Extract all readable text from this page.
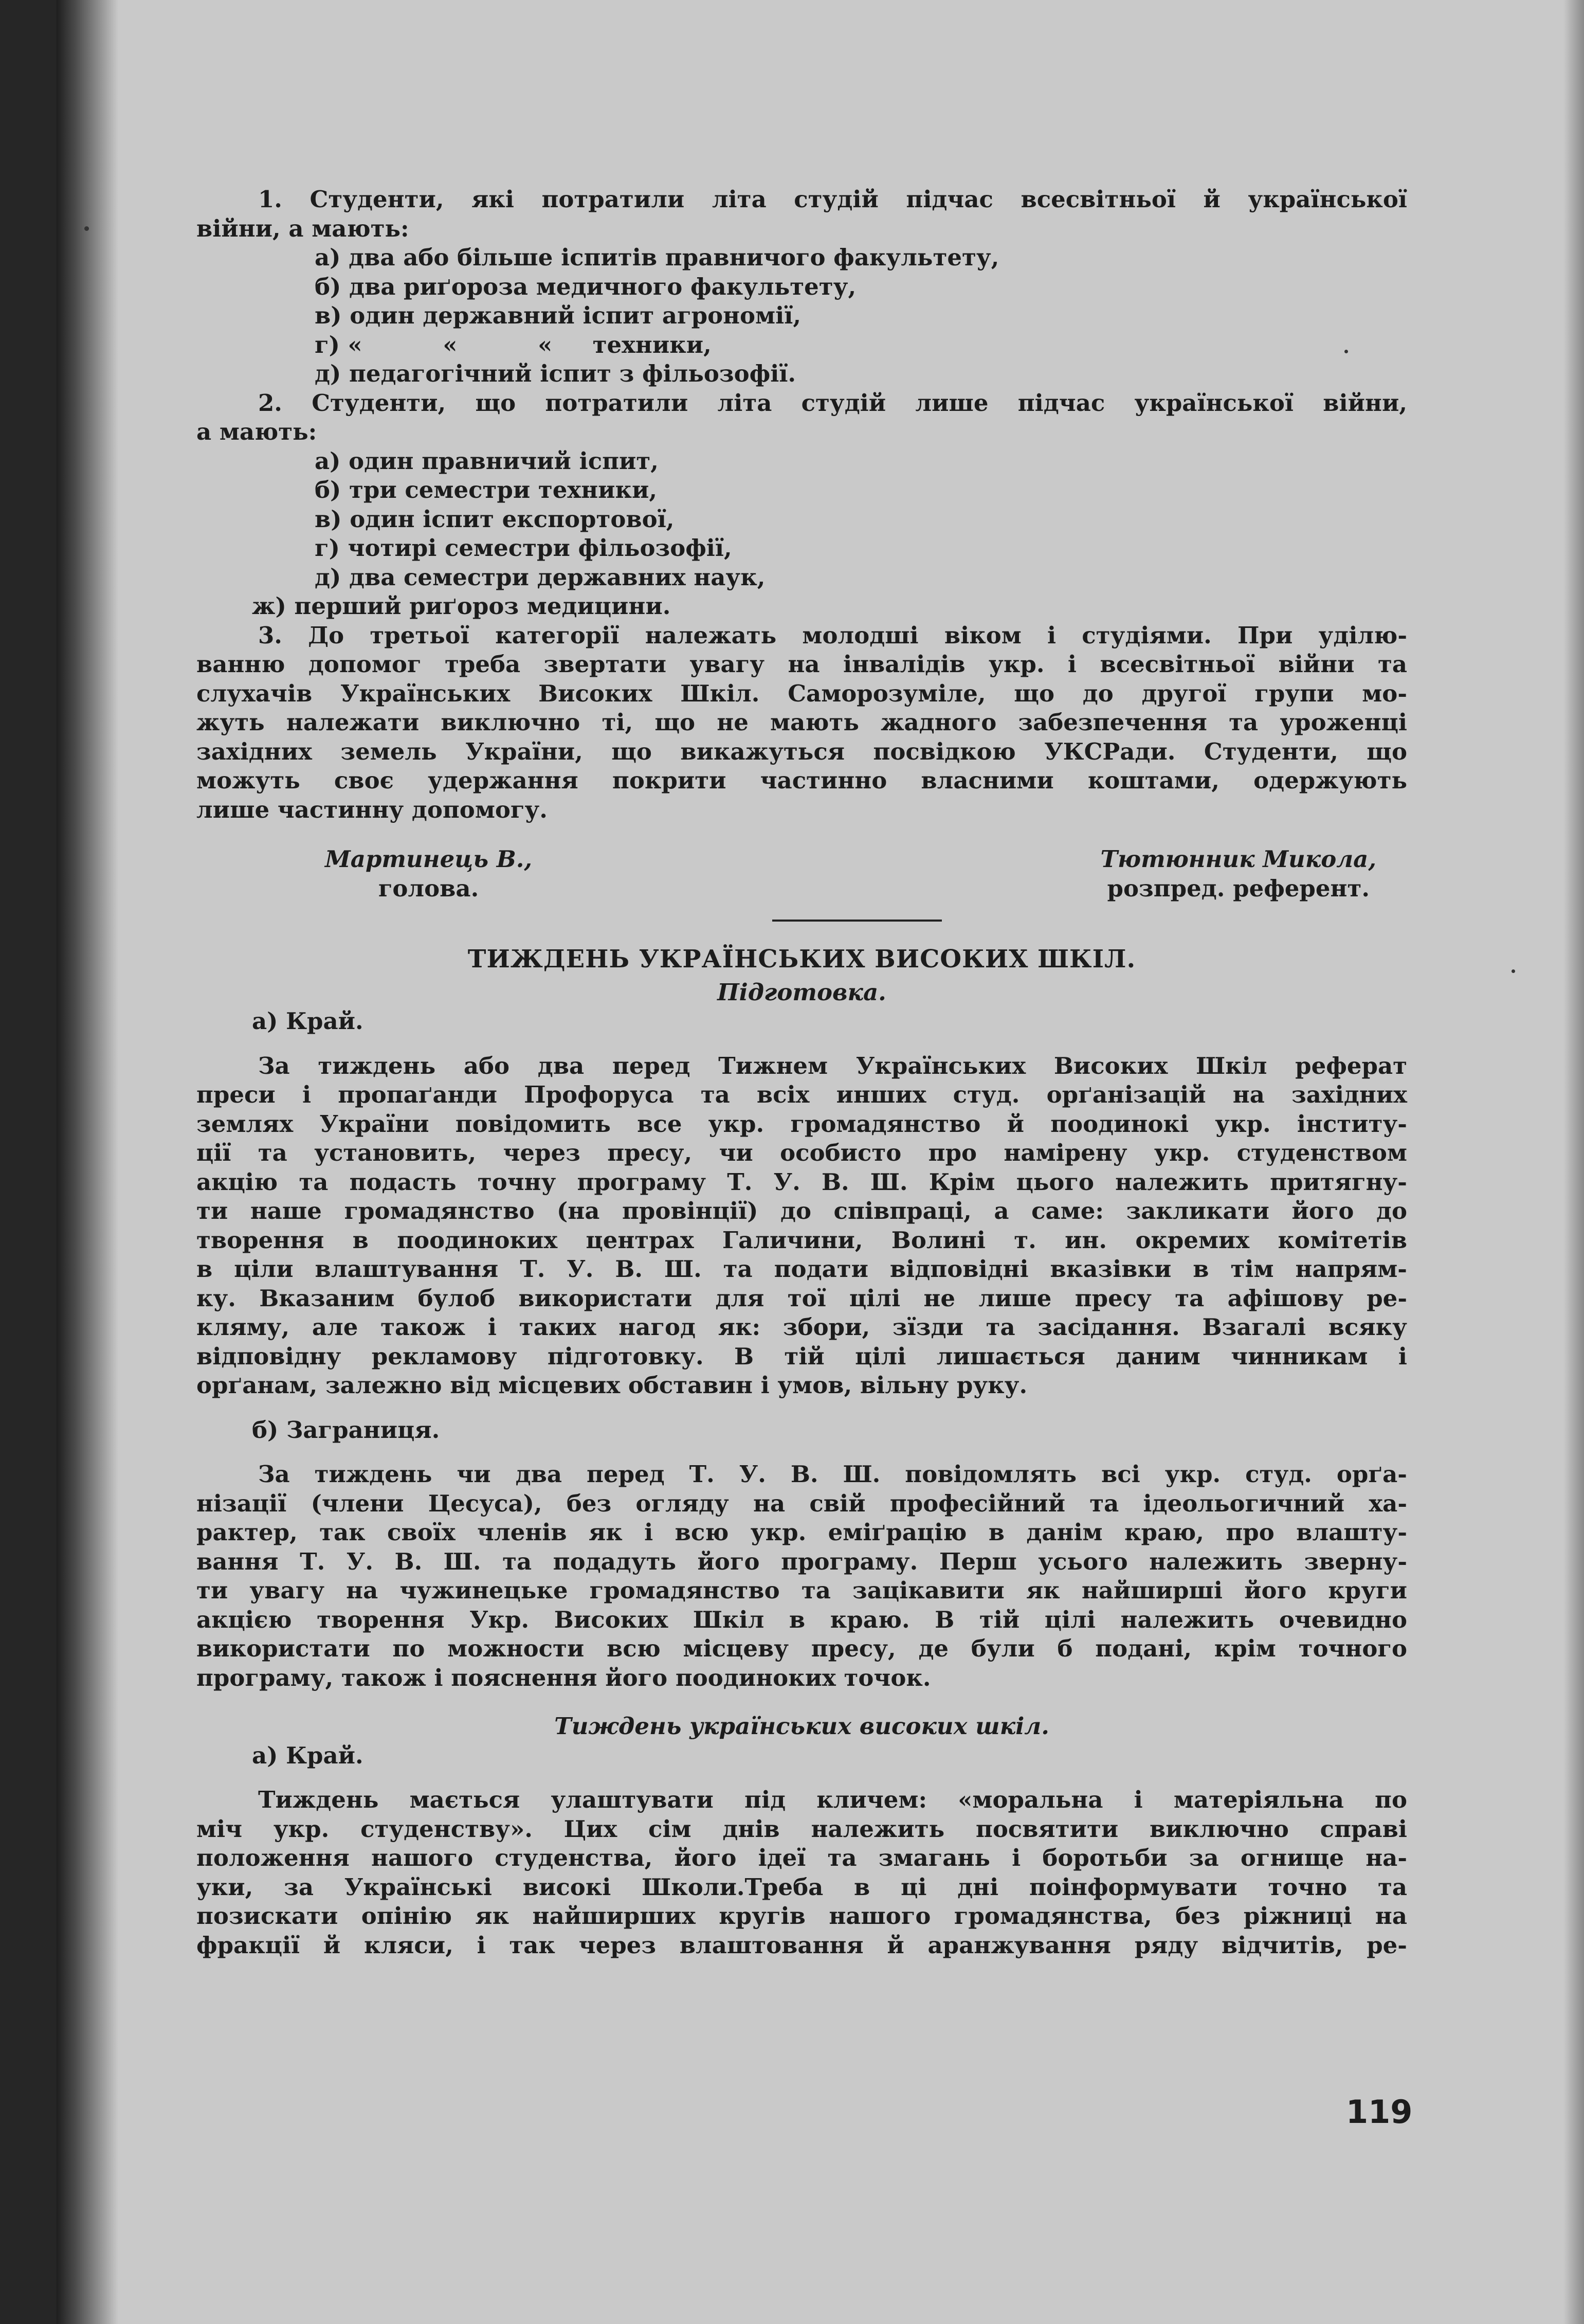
1. Студенти, які потратили літа студій підчас всесвітньої й української

війни, а мають:

а) два або більше іспитів правничого факультету,

б) два риґороза медичного факультету,

в) один державний іспит агрономії,

г) «          «          «     техники,

д) педагогічний іспит з фільозофії.

2. Студенти, що потратили літа студій лише підчас української війни,

а мають:

а) один правничий іспит,

б) три семестри техники,

в) один іспит експортової,

г) чотирі семестри фільозофії,

д) два семестри державних наук,

ж) перший риґороз медицини.

3. До третьої категорії належать молодші віком і студіями. При уділю-

ванню допомог треба звертати увагу на інвалідів укр. і всесвітньої війни та

слухачів Українських Високих Шкіл. Саморозуміле, що до другої групи мо-

жуть належати виключно ті, що не мають жадного забезпечення та уроженці

західних земель України, що викажуться посвідкою УКСРади. Студенти, що

можуть своє удержання покрити частинно власними коштами, одержують

лише частинну допомогу.

Мартинець В.,
голова.
Тютюнник Микола,
розпред. референт.
ТИЖДЕНЬ УКРАЇНСЬКИХ ВИСОКИХ ШКІЛ.
Підготовка.

а) Край.

За тиждень або два перед Тижнем Українських Високих Шкіл реферат

преси і пропаґанди Профоруса та всіх инших студ. орґанізацій на західних

землях України повідомить все укр. громадянство й поодинокі укр. інститу-

ції та установить, через пресу, чи особисто про намірену укр. студенством

акцію та подасть точну програму Т. У. В. Ш. Крім цього належить притягну-

ти наше громадянство (на провінції) до співпраці, а саме: закликати його до

творення в поодиноких центрах Галичини, Волині т. ин. окремих комітетів

в ціли влаштування Т. У. В. Ш. та подати відповідні вказівки в тім напрям-

ку. Вказаним булоб використати для тої цілі не лише пресу та афішову ре-

кляму, але також і таких нагод як: збори, зїзди та засідання. Взагалі всяку

відповідну рекламову підготовку. В тій цілі лишається даним чинникам і

орґанам, залежно від місцевих обставин і умов, вільну руку.

б) Заграниця.

За тиждень чи два перед Т. У. В. Ш. повідомлять всі укр. студ. орґа-

нізації (члени Цесуса), без огляду на свій професійний та ідеольогичний ха-

рактер, так своїх членів як і всю укр. еміґрацію в данім краю, про влашту-

вання Т. У. В. Ш. та подадуть його програму. Перш усього належить зверну-

ти увагу на чужинецьке громадянство та зацікавити як найширші його круги

акцією творення Укр. Високих Шкіл в краю. В тій цілі належить очевидно

використати по можности всю місцеву пресу, де були б подані, крім точного

програму, також і пояснення його поодиноких точок.

Тиждень українських високих шкіл.

а) Край.

Тиждень мається улаштувати під кличем: «моральна і матеріяльна по

міч укр. студенству». Цих сім днів належить посвятити виключно справі

положення нашого студенства, його ідеї та змагань і боротьби за огнище на-

уки, за Українські високі Школи.Треба в ці дні поінформувати точно та

позискати опінію як найширших кругів нашого громадянства, без ріжниці на

фракції й кляси, і так через влаштовання й аранжування ряду відчитів, ре-

119
